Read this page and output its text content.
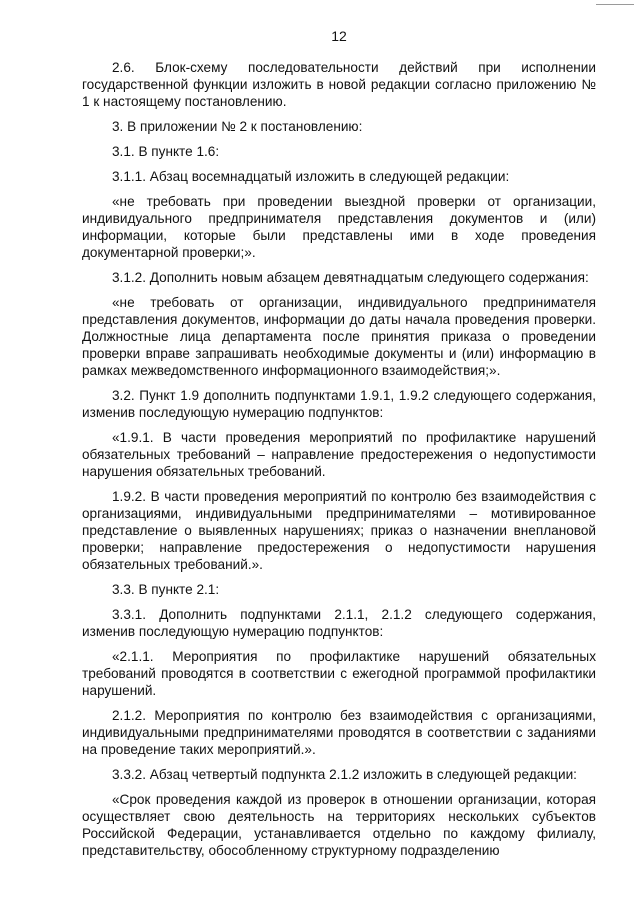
12

2.6. Блок-схему последовательности действий при исполнении государственной функции изложить в новой редакции согласно приложению № 1 к настоящему постановлению.

3. В приложении № 2 к постановлению:

3.1. В пункте 1.6:

3.1.1. Абзац восемнадцатый изложить в следующей редакции:

«не требовать при проведении выездной проверки от организации, индивидуального предпринимателя представления документов и (или) информации, которые были представлены ими в ходе проведения документарной проверки;».

3.1.2. Дополнить новым абзацем девятнадцатым следующего содержания:

«не требовать от организации, индивидуального предпринимателя представления документов, информации до даты начала проведения проверки. Должностные лица департамента после принятия приказа о проведении проверки вправе запрашивать необходимые документы и (или) информацию в рамках межведомственного информационного взаимодействия;».

3.2. Пункт 1.9 дополнить подпунктами 1.9.1, 1.9.2 следующего содержания, изменив последующую нумерацию подпунктов:

«1.9.1. В части проведения мероприятий по профилактике нарушений обязательных требований – направление предостережения о недопустимости нарушения обязательных требований.

1.9.2. В части проведения мероприятий по контролю без взаимодействия с организациями, индивидуальными предпринимателями – мотивированное представление о выявленных нарушениях; приказ о назначении внеплановой проверки; направление предостережения о недопустимости нарушения обязательных требований.».

3.3. В пункте 2.1:

3.3.1. Дополнить подпунктами 2.1.1, 2.1.2 следующего содержания, изменив последующую нумерацию подпунктов:

«2.1.1. Мероприятия по профилактике нарушений обязательных требований проводятся в соответствии с ежегодной программой профилактики нарушений.

2.1.2. Мероприятия по контролю без взаимодействия с организациями, индивидуальными предпринимателями проводятся в соответствии с заданиями на проведение таких мероприятий.».

3.3.2. Абзац четвертый подпункта 2.1.2 изложить в следующей редакции:

«Срок проведения каждой из проверок в отношении организации, которая осуществляет свою деятельность на территориях нескольких субъектов Российской Федерации, устанавливается отдельно по каждому филиалу, представительству, обособленному структурному подразделению
